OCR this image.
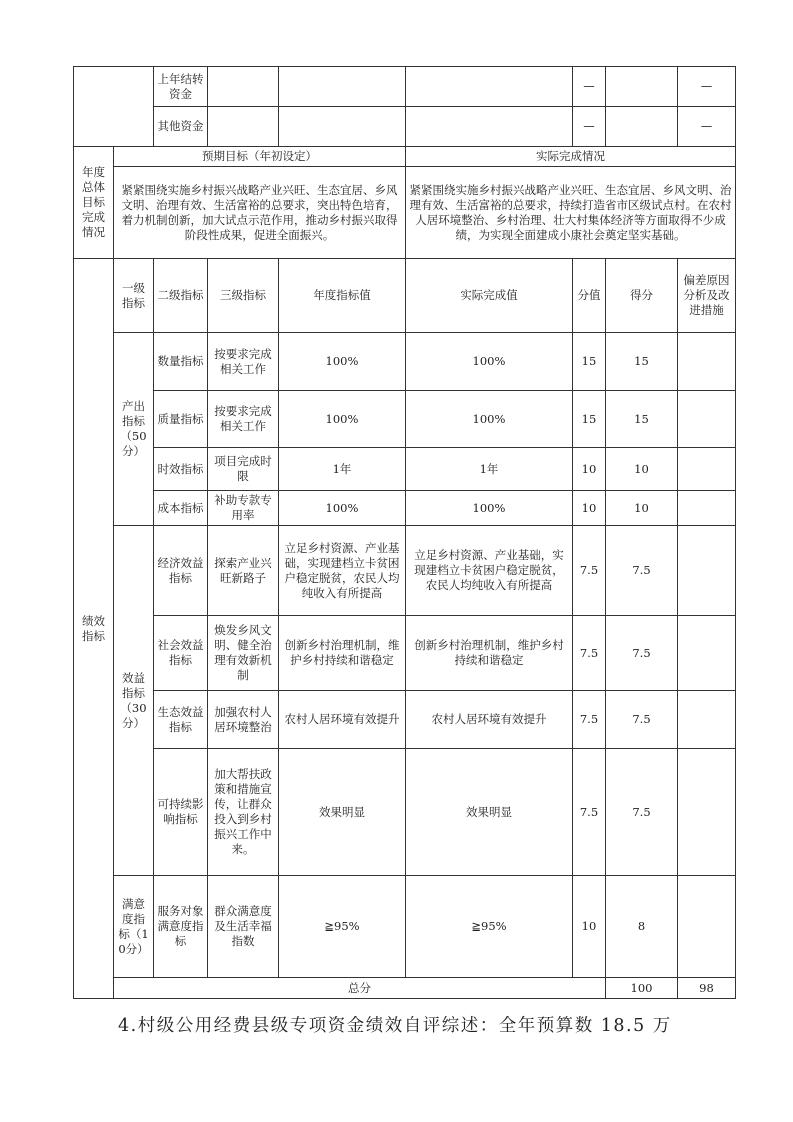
		上年结转资金				—		—	
		其他资金				—		—	
年度总体目标完成情况	预期目标（年初设定）				实际完成情况				
	紧紧围绕实施乡村振兴战略产业兴旺、生态宜居、乡风文明、治理有效、生活富裕的总要求，突出特色培育，着力机制创新，加大试点示范作用，推动乡村振兴取得阶段性成果，促进全面振兴。				紧紧围绕实施乡村振兴战略产业兴旺、生态宜居、乡风文明、治理有效、生活富裕的总要求，持续打造省市区级试点村。在农村人居环境整治、乡村治理、壮大村集体经济等方面取得不少成绩，为实现全面建成小康社会奠定坚实基础。				
绩效指标	一级指标	二级指标	三级指标	年度指标值	实际完成值	分值	得分	偏差原因分析及改进措施	
	产出指标（50分）	数量指标	按要求完成相关工作	100%	100%	15	15		
		质量指标	按要求完成相关工作	100%	100%	15	15		
		时效指标	项目完成时限	1年	1年	10	10		
		成本指标	补助专款专用率	100%	100%	10	10		
	效益指标（30分）	经济效益指标	探索产业兴旺新路子	立足乡村资源、产业基础，实现建档立卡贫困户稳定脱贫，农民人均纯收入有所提高	立足乡村资源、产业基础，实现建档立卡贫困户稳定脱贫，农民人均纯收入有所提高	7.5	7.5		
		社会效益指标	焕发乡风文明、健全治理有效新机制	创新乡村治理机制，维护乡村持续和谐稳定	创新乡村治理机制，维护乡村持续和谐稳定	7.5	7.5		
		生态效益指标	加强农村人居环境整治	农村人居环境有效提升	农村人居环境有效提升	7.5	7.5		
		可持续影响指标	加大帮扶政策和措施宣传，让群众投入到乡村振兴工作中来。	效果明显	效果明显	7.5	7.5		
	满意度指标（10分）	服务对象满意度指标	群众满意度及生活幸福指数	≧95%	≧95%	10	8		
	总分						100	98	
4.村级公用经费县级专项资金绩效自评综述：全年预算数 18.5 万
